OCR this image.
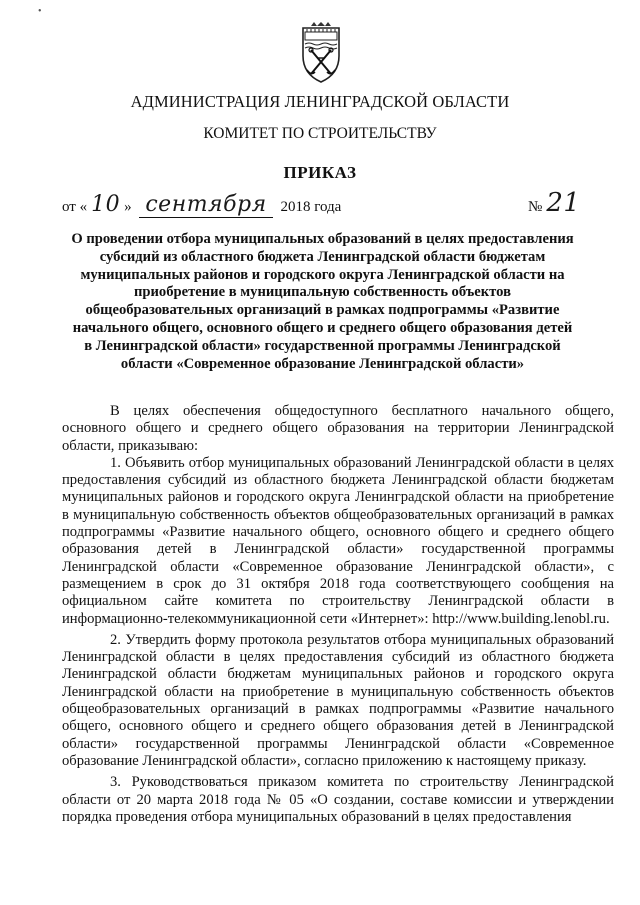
•
АДМИНИСТРАЦИЯ ЛЕНИНГРАДСКОЙ ОБЛАСТИ
КОМИТЕТ ПО СТРОИТЕЛЬСТВУ
ПРИКАЗ
от « 10 » сентября 2018 года	№ 21
О проведении отбора муниципальных образований в целях предоставления субсидий из областного бюджета Ленинградской области бюджетам муниципальных районов и городского округа Ленинградской области на приобретение в муниципальную собственность объектов общеобразовательных организаций в рамках подпрограммы «Развитие начального общего, основного общего и среднего общего образования детей в Ленинградской области» государственной программы Ленинградской области «Современное образование Ленинградской области»

В целях обеспечения общедоступного бесплатного начального общего, основного общего и среднего общего образования на территории Ленинградской области, приказываю:

1. Объявить отбор муниципальных образований Ленинградской области в целях предоставления субсидий из областного бюджета Ленинградской области бюджетам муниципальных районов и городского округа Ленинградской области на приобретение в муниципальную собственность объектов общеобразовательных организаций в рамках подпрограммы «Развитие начального общего, основного общего и среднего общего образования детей в Ленинградской области» государственной программы Ленинградской области «Современное образование Ленинградской области», с размещением в срок до 31 октября 2018 года соответствующего сообщения на официальном сайте комитета по строительству Ленинградской области в информационно-телекоммуникационной сети «Интернет»: http://www.building.lenobl.ru.

2. Утвердить форму протокола результатов отбора муниципальных образований Ленинградской области в целях предоставления субсидий из областного бюджета Ленинградской области бюджетам муниципальных районов и городского округа Ленинградской области на приобретение в муниципальную собственность объектов общеобразовательных организаций в рамках подпрограммы «Развитие начального общего, основного общего и среднего общего образования детей в Ленинградской области» государственной программы Ленинградской области «Современное образование Ленинградской области», согласно приложению к настоящему приказу.

3. Руководствоваться приказом комитета по строительству Ленинградской области от 20 марта 2018 года № 05 «О создании, составе комиссии и утверждении порядка проведения отбора муниципальных образований в целях предоставления
